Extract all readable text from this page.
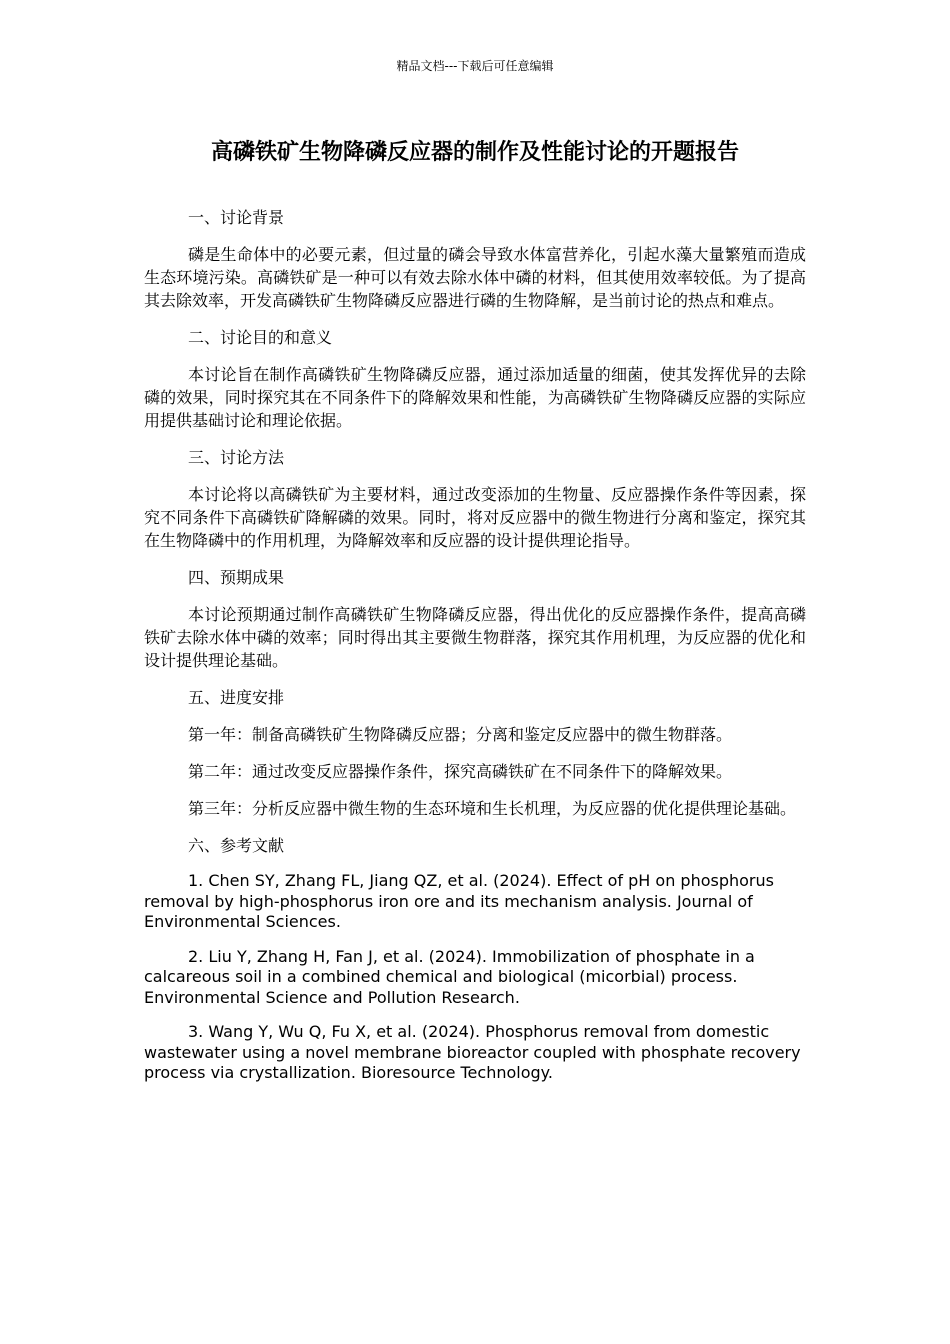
精品文档---下载后可任意编辑
高磷铁矿生物降磷反应器的制作及性能讨论的开题报告

一、讨论背景

磷是生命体中的必要元素，但过量的磷会导致水体富营养化，引起水藻大量繁殖而造成生态环境污染。高磷铁矿是一种可以有效去除水体中磷的材料，但其使用效率较低。为了提高其去除效率，开发高磷铁矿生物降磷反应器进行磷的生物降解，是当前讨论的热点和难点。

二、讨论目的和意义

本讨论旨在制作高磷铁矿生物降磷反应器，通过添加适量的细菌，使其发挥优异的去除磷的效果，同时探究其在不同条件下的降解效果和性能，为高磷铁矿生物降磷反应器的实际应用提供基础讨论和理论依据。

三、讨论方法

本讨论将以高磷铁矿为主要材料，通过改变添加的生物量、反应器操作条件等因素，探究不同条件下高磷铁矿降解磷的效果。同时，将对反应器中的微生物进行分离和鉴定，探究其在生物降磷中的作用机理，为降解效率和反应器的设计提供理论指导。

四、预期成果

本讨论预期通过制作高磷铁矿生物降磷反应器，得出优化的反应器操作条件，提高高磷铁矿去除水体中磷的效率；同时得出其主要微生物群落，探究其作用机理，为反应器的优化和设计提供理论基础。

五、进度安排

第一年：制备高磷铁矿生物降磷反应器；分离和鉴定反应器中的微生物群落。

第二年：通过改变反应器操作条件，探究高磷铁矿在不同条件下的降解效果。

第三年：分析反应器中微生物的生态环境和生长机理，为反应器的优化提供理论基础。

六、参考文献

1. Chen SY, Zhang FL, Jiang QZ, et al. (2024). Effect of pH on phosphorus removal by high-phosphorus iron ore and its mechanism analysis. Journal of Environmental Sciences.

2. Liu Y, Zhang H, Fan J, et al. (2024). Immobilization of phosphate in a calcareous soil in a combined chemical and biological (micorbial) process. Environmental Science and Pollution Research.

3. Wang Y, Wu Q, Fu X, et al. (2024). Phosphorus removal from domestic wastewater using a novel membrane bioreactor coupled with phosphate recovery process via crystallization. Bioresource Technology.
